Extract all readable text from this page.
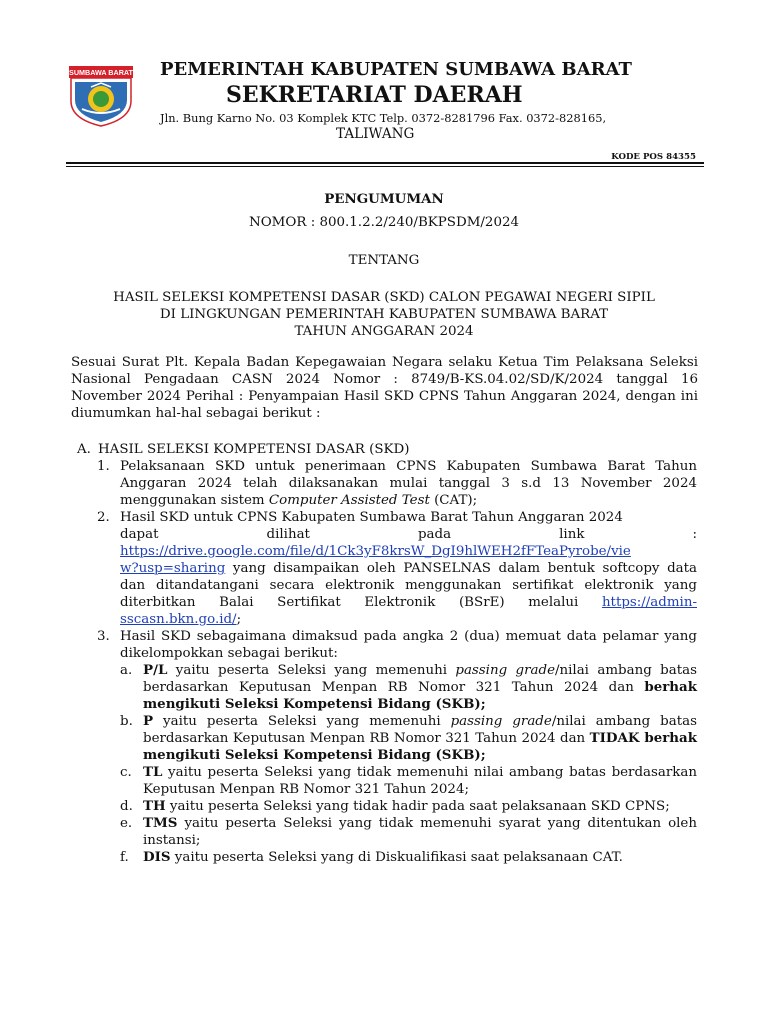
SUMBAWA BARAT PEMERINTAH KABUPATEN SUMBAWA BARAT
SEKRETARIAT DAERAH
Jln. Bung Karno No. 03 Komplek KTC Telp. 0372-8281796 Fax. 0372-828165,
TALIWANG
KODE POS 84355
PENGUMUMAN
NOMOR : 800.1.2.2/240/BKPSDM/2024
TENTANG
HASIL SELEKSI KOMPETENSI DASAR (SKD) CALON PEGAWAI NEGERI SIPIL
DI LINGKUNGAN PEMERINTAH KABUPATEN SUMBAWA BARAT
TAHUN ANGGARAN 2024
Sesuai Surat Plt. Kepala Badan Kepegawaian Negara selaku Ketua Tim Pelaksana Seleksi Nasional Pengadaan CASN 2024 Nomor : 8749/B-KS.04.02/SD/K/2024 tanggal 16 November 2024 Perihal : Penyampaian Hasil SKD CPNS Tahun Anggaran 2024, dengan ini diumumkan hal-hal sebagai berikut :
A. HASIL SELEKSI KOMPETENSI DASAR (SKD)
1. Pelaksanaan SKD untuk penerimaan CPNS Kabupaten Sumbawa Barat Tahun Anggaran 2024 telah dilaksanakan mulai tanggal 3 s.d 13 November 2024 menggunakan sistem Computer Assisted Test (CAT);
2. Hasil SKD untuk CPNS Kabupaten Sumbawa Barat Tahun Anggaran 2024
dapat	dilihat	pada	link	:
https://drive.google.com/file/d/1Ck3yF8krsW_DgI9hlWEH2fFTeaPyrobe/vie
w?usp=sharing yang disampaikan oleh PANSELNAS dalam bentuk softcopy data dan ditandatangani secara elektronik menggunakan sertifikat elektronik yang diterbitkan Balai Sertifikat Elektronik (BSrE) melalui https://admin- sscasn.bkn.go.id/;
3. Hasil SKD sebagaimana dimaksud pada angka 2 (dua) memuat data pelamar yang dikelompokkan sebagai berikut:
a. P/L yaitu peserta Seleksi yang memenuhi passing grade/nilai ambang batas berdasarkan Keputusan Menpan RB Nomor 321 Tahun 2024 dan berhak mengikuti Seleksi Kompetensi Bidang (SKB);
b. P yaitu peserta Seleksi yang memenuhi passing grade/nilai ambang batas berdasarkan Keputusan Menpan RB Nomor 321 Tahun 2024 dan TIDAK berhak mengikuti Seleksi Kompetensi Bidang (SKB);
c. TL yaitu peserta Seleksi yang tidak memenuhi nilai ambang batas berdasarkan Keputusan Menpan RB Nomor 321 Tahun 2024;
d. TH yaitu peserta Seleksi yang tidak hadir pada saat pelaksanaan SKD CPNS;
e. TMS yaitu peserta Seleksi yang tidak memenuhi syarat yang ditentukan oleh instansi;
f.	DIS yaitu peserta Seleksi yang di Diskualifikasi saat pelaksanaan CAT.
